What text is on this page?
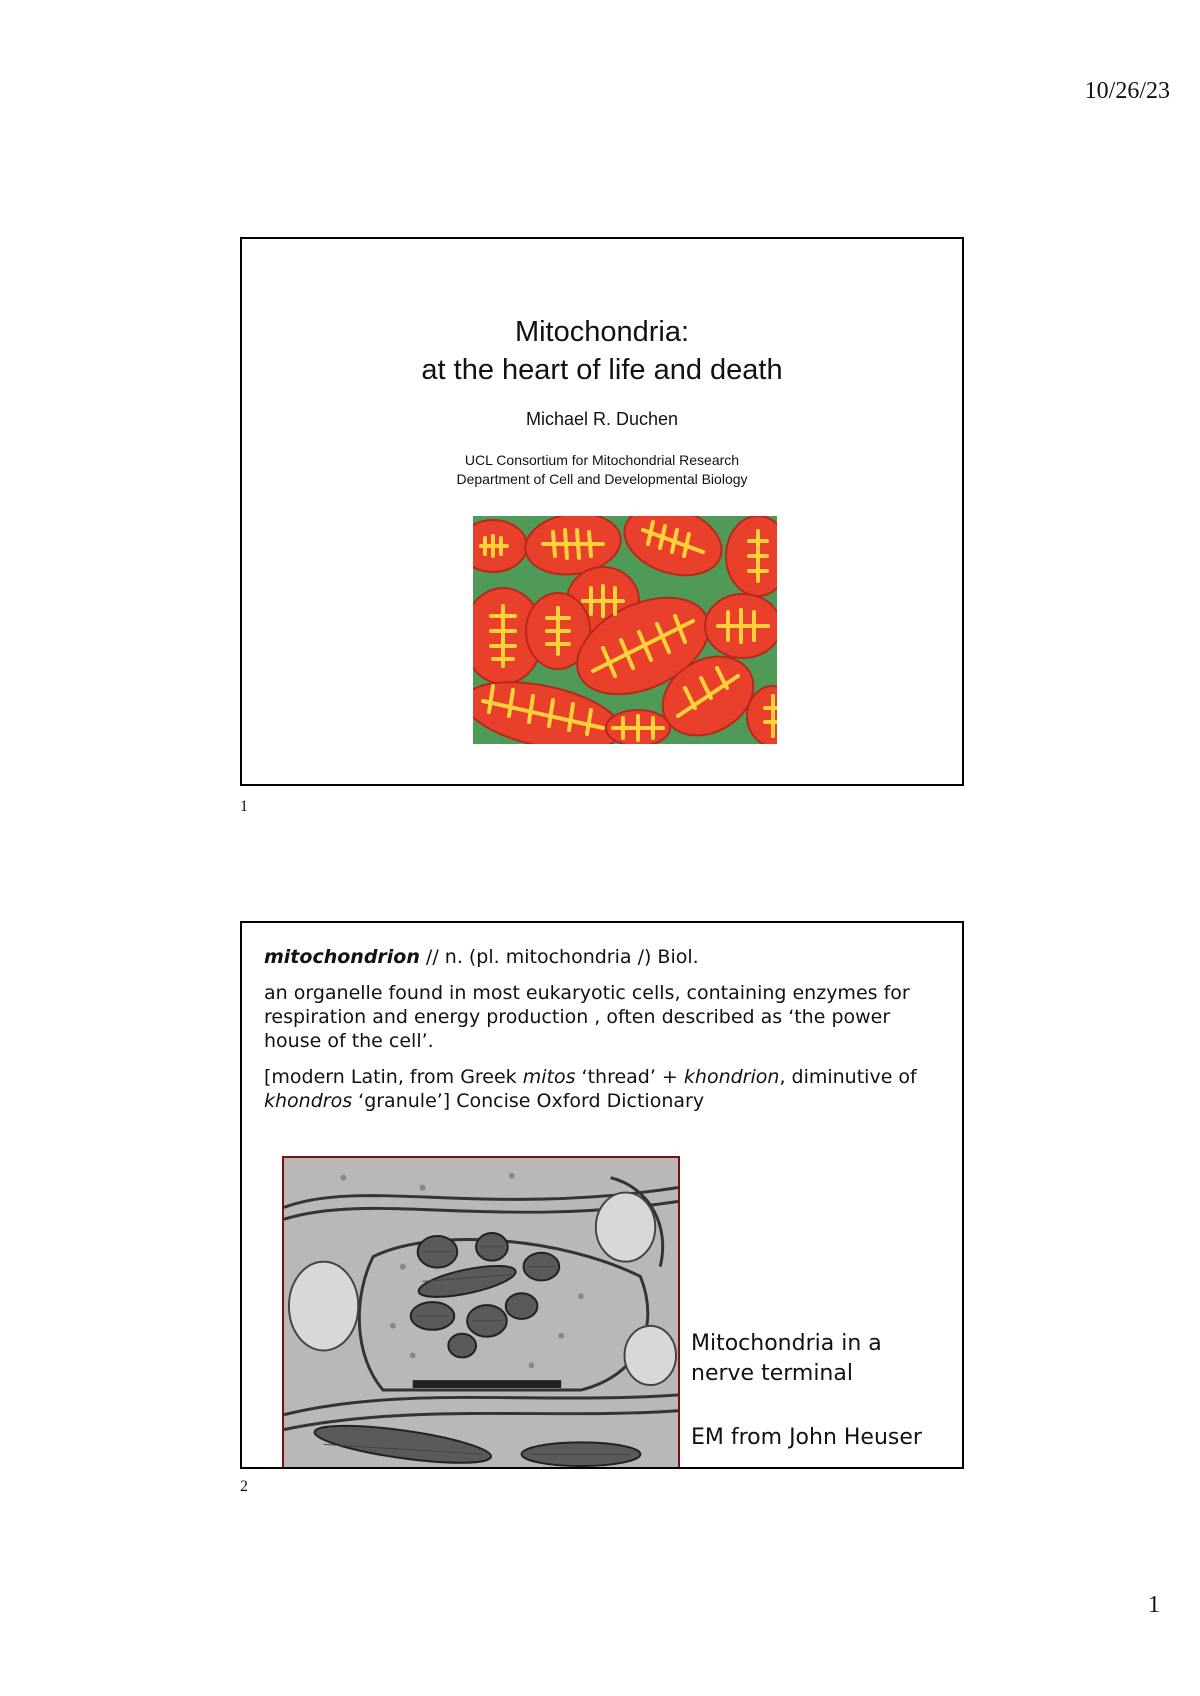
10/26/23
Mitochondria:
at the heart of life and death
Michael R. Duchen
UCL Consortium for Mitochondrial Research
Department of Cell and Developmental Biology
1

mitochondrion // n. (pl. mitochondria /) Biol.

an organelle found in most eukaryotic cells, containing enzymes for respiration and energy production , often described as ‘the power house of the cell’.

[modern Latin, from Greek mitos ‘thread’ + khondrion, diminutive of khondros ‘granule’] Concise Oxford Dictionary

Mitochondria in a
nerve terminal
EM from John Heuser
2
1
